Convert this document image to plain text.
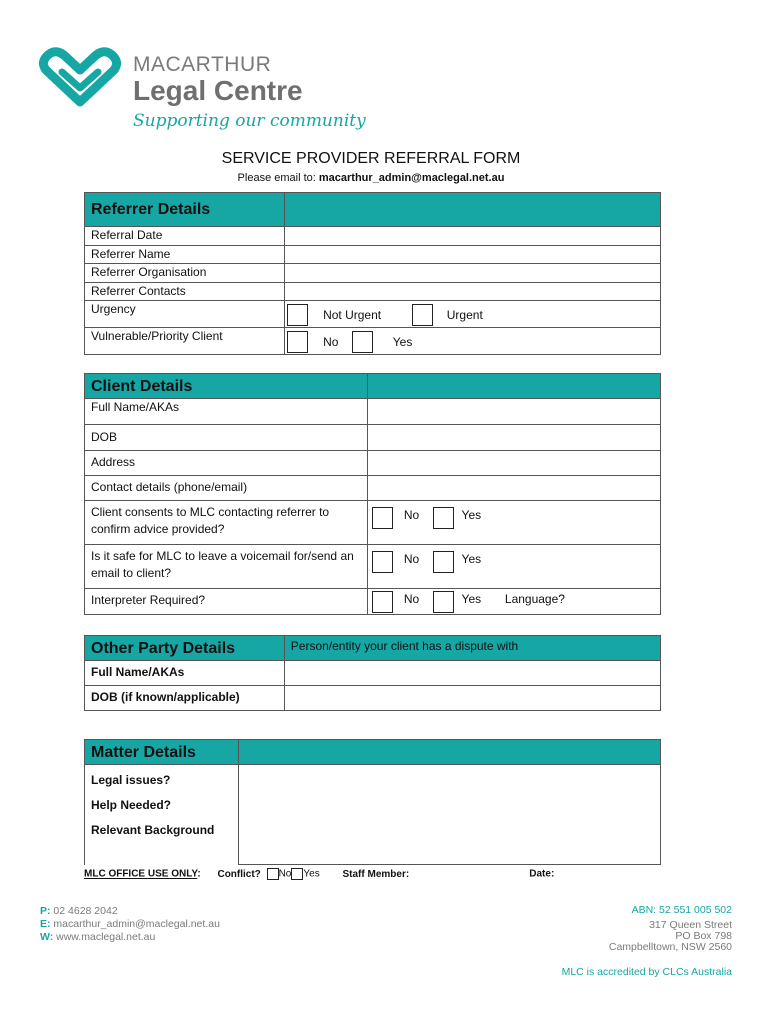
MACARTHUR
Legal Centre
Supporting our community
SERVICE PROVIDER REFERRAL FORM
Please email to: macarthur_admin@maclegal.net.au
Referrer Details	
Referral Date	
Referrer Name	
Referrer Organisation	
Referrer Contacts	
Urgency	Not Urgent Urgent
Vulnerable/Priority Client	No Yes
Client Details	
Full Name/AKAs	
DOB	
Address	
Contact details (phone/email)	
Client consents to MLC contacting referrer to confirm advice provided?	No Yes
Is it safe for MLC to leave a voicemail for/send an email to client?	No Yes
Interpreter Required?	No Yes Language?
Other Party Details	Person/entity your client has a dispute with
Full Name/AKAs	
DOB (if known/applicable)	
Matter Details	

Legal issues?
Help Needed?
Relevant Background	

MLC OFFICE USE ONLY: Conflict? No Yes Staff Member:	Date:
P: 02 4628 2042
E: macarthur_admin@maclegal.net.au
W: www.maclegal.net.au
ABN: 52 551 005 502
317 Queen Street
PO Box 798
Campbelltown, NSW 2560
MLC is accredited by CLCs Australia
